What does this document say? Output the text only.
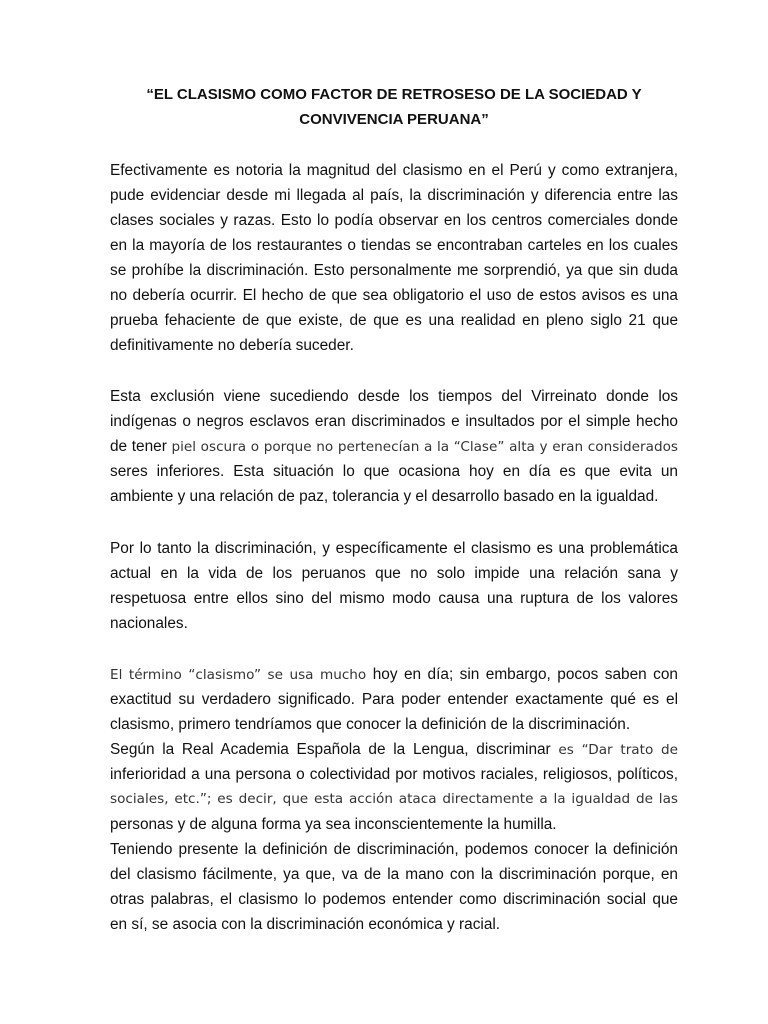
“EL CLASISMO COMO FACTOR DE RETROSESO DE LA SOCIEDAD Y
CONVIVENCIA PERUANA”
Efectivamente es notoria la magnitud del clasismo en el Perú y como extranjera,
pude evidenciar desde mi llegada al país, la discriminación y diferencia entre las
clases sociales y razas. Esto lo podía observar en los centros comerciales donde
en la mayoría de los restaurantes o tiendas se encontraban carteles en los cuales
se prohíbe la discriminación. Esto personalmente me sorprendió, ya que sin duda
no debería ocurrir. El hecho de que sea obligatorio el uso de estos avisos es una
prueba fehaciente de que existe, de que es una realidad en pleno siglo 21 que
definitivamente no debería suceder.
Esta exclusión viene sucediendo desde los tiempos del Virreinato donde los
indígenas o negros esclavos eran discriminados e insultados por el simple hecho
de tener piel oscura o porque no pertenecían a la “Clase” alta y eran considerados
seres inferiores. Esta situación lo que ocasiona hoy en día es que evita un
ambiente y una relación de paz, tolerancia y el desarrollo basado en la igualdad.
Por lo tanto la discriminación, y específicamente el clasismo es una problemática
actual en la vida de los peruanos que no solo impide una relación sana y
respetuosa entre ellos sino del mismo modo causa una ruptura de los valores
nacionales.
El término “clasismo” se usa mucho hoy en día; sin embargo, pocos saben con
exactitud su verdadero significado. Para poder entender exactamente qué es el
clasismo, primero tendríamos que conocer la definición de la discriminación.
Según la Real Academia Española de la Lengua, discriminar es “Dar trato de
inferioridad a una persona o colectividad por motivos raciales, religiosos, políticos,
sociales, etc.”; es decir, que esta acción ataca directamente a la igualdad de las
personas y de alguna forma ya sea inconscientemente la humilla.
Teniendo presente la definición de discriminación, podemos conocer la definición
del clasismo fácilmente, ya que, va de la mano con la discriminación porque, en
otras palabras, el clasismo lo podemos entender como discriminación social que
en sí, se asocia con la discriminación económica y racial.
